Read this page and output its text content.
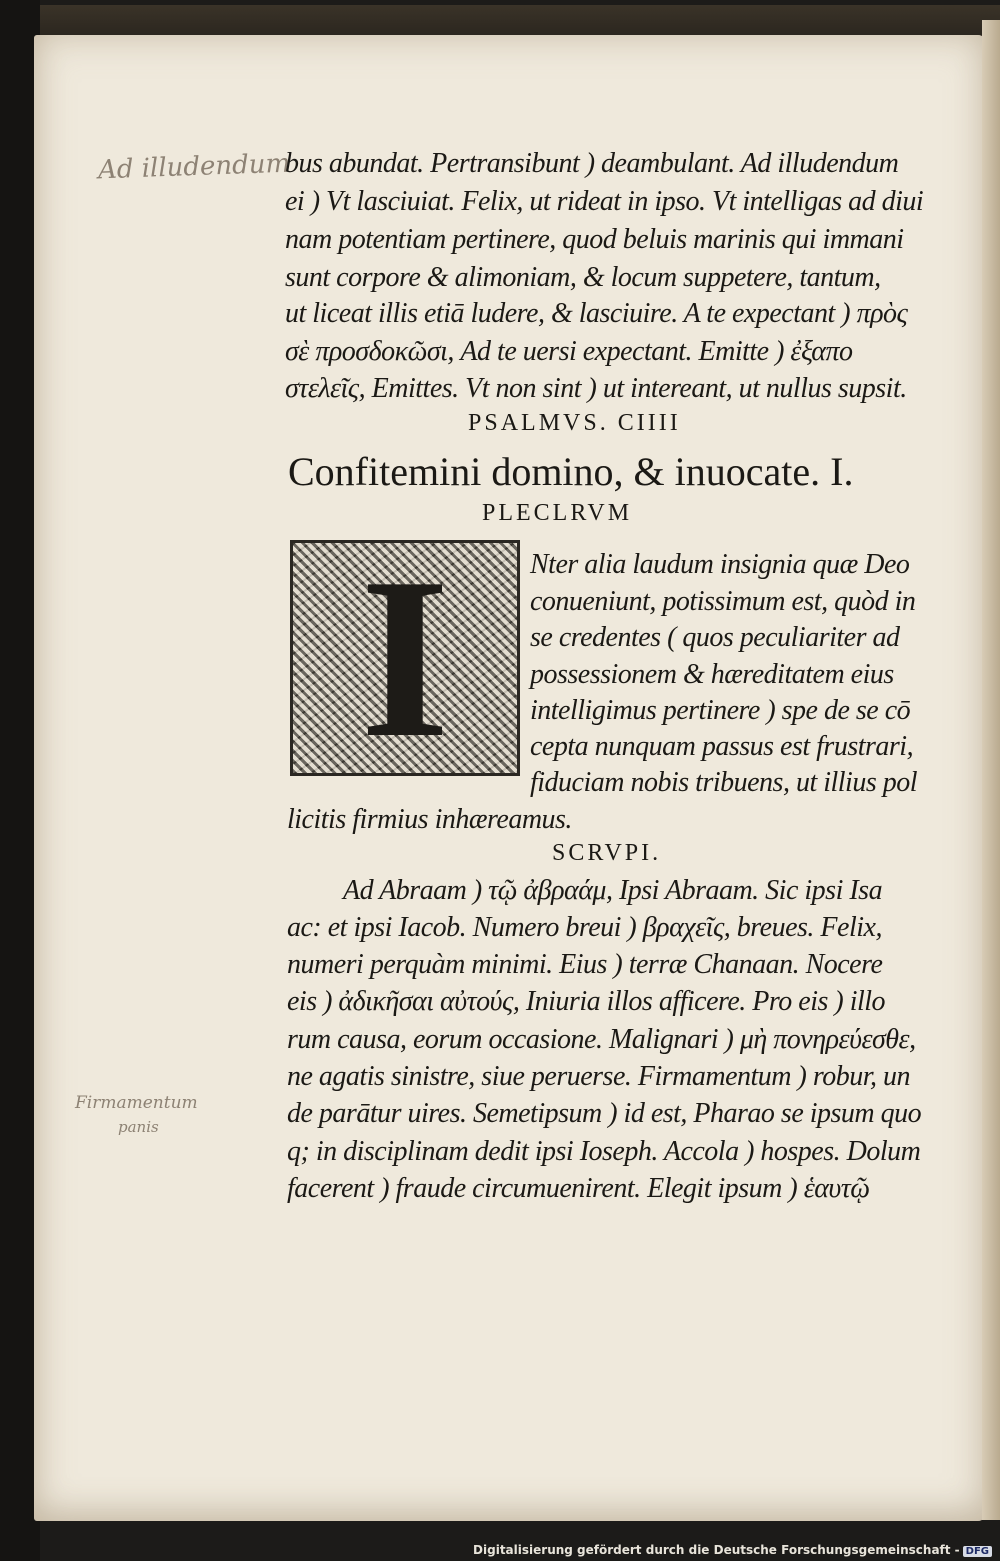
Ad illudendum
Firmamentum
panis
bus abundat. Pertransibunt ) deambulant. Ad illudendum
ei ) Vt lasciuiat. Felix, ut rideat in ipso. Vt intelligas ad diui
nam potentiam pertinere, quod beluis marinis qui immani
sunt corpore & alimoniam, & locum suppetere, tantum,
ut liceat illis etiā ludere, & lasciuire. A te expectant ) πρὸς
σὲ προσδοκῶσι, Ad te uersi expectant. Emitte ) ἐξαπο
στελεῖς, Emittes. Vt non sint ) ut intereant, ut nullus supsit.
PSALMVS. CIIII
Confitemini domino, & inuocate. I.
PLECLRVM
I	Nter alia laudum insignia quæ Deo
conueniunt, potissimum est, quòd in
se credentes ( quos peculiariter ad
possessionem & hæreditatem eius
intelligimus pertinere ) spe de se cō
cepta nunquam passus est frustrari,
fiduciam nobis tribuens, ut illius pol
licitis firmius inhæreamus.
SCRVPI.
Ad Abraam ) τῷ ἀβραάμ, Ipsi Abraam. Sic ipsi Isa
ac: et ipsi Iacob. Numero breui ) βραχεῖς, breues. Felix,
numeri perquàm minimi. Eius ) terræ Chanaan. Nocere
eis ) ἀδικῆσαι αὐτούς, Iniuria illos afficere. Pro eis ) illo
rum causa, eorum occasione. Malignari ) μὴ πονηρεύεσθε,
ne agatis sinistre, siue peruerse. Firmamentum ) robur, un
de parātur uires. Semetipsum ) id est, Pharao se ipsum quo
q; in disciplinam dedit ipsi Ioseph. Accola ) hospes. Dolum
facerent ) fraude circumuenirent. Elegit ipsum ) ἑαυτῷ
Digitalisierung gefördert durch die Deutsche Forschungsgemeinschaft - DFG
